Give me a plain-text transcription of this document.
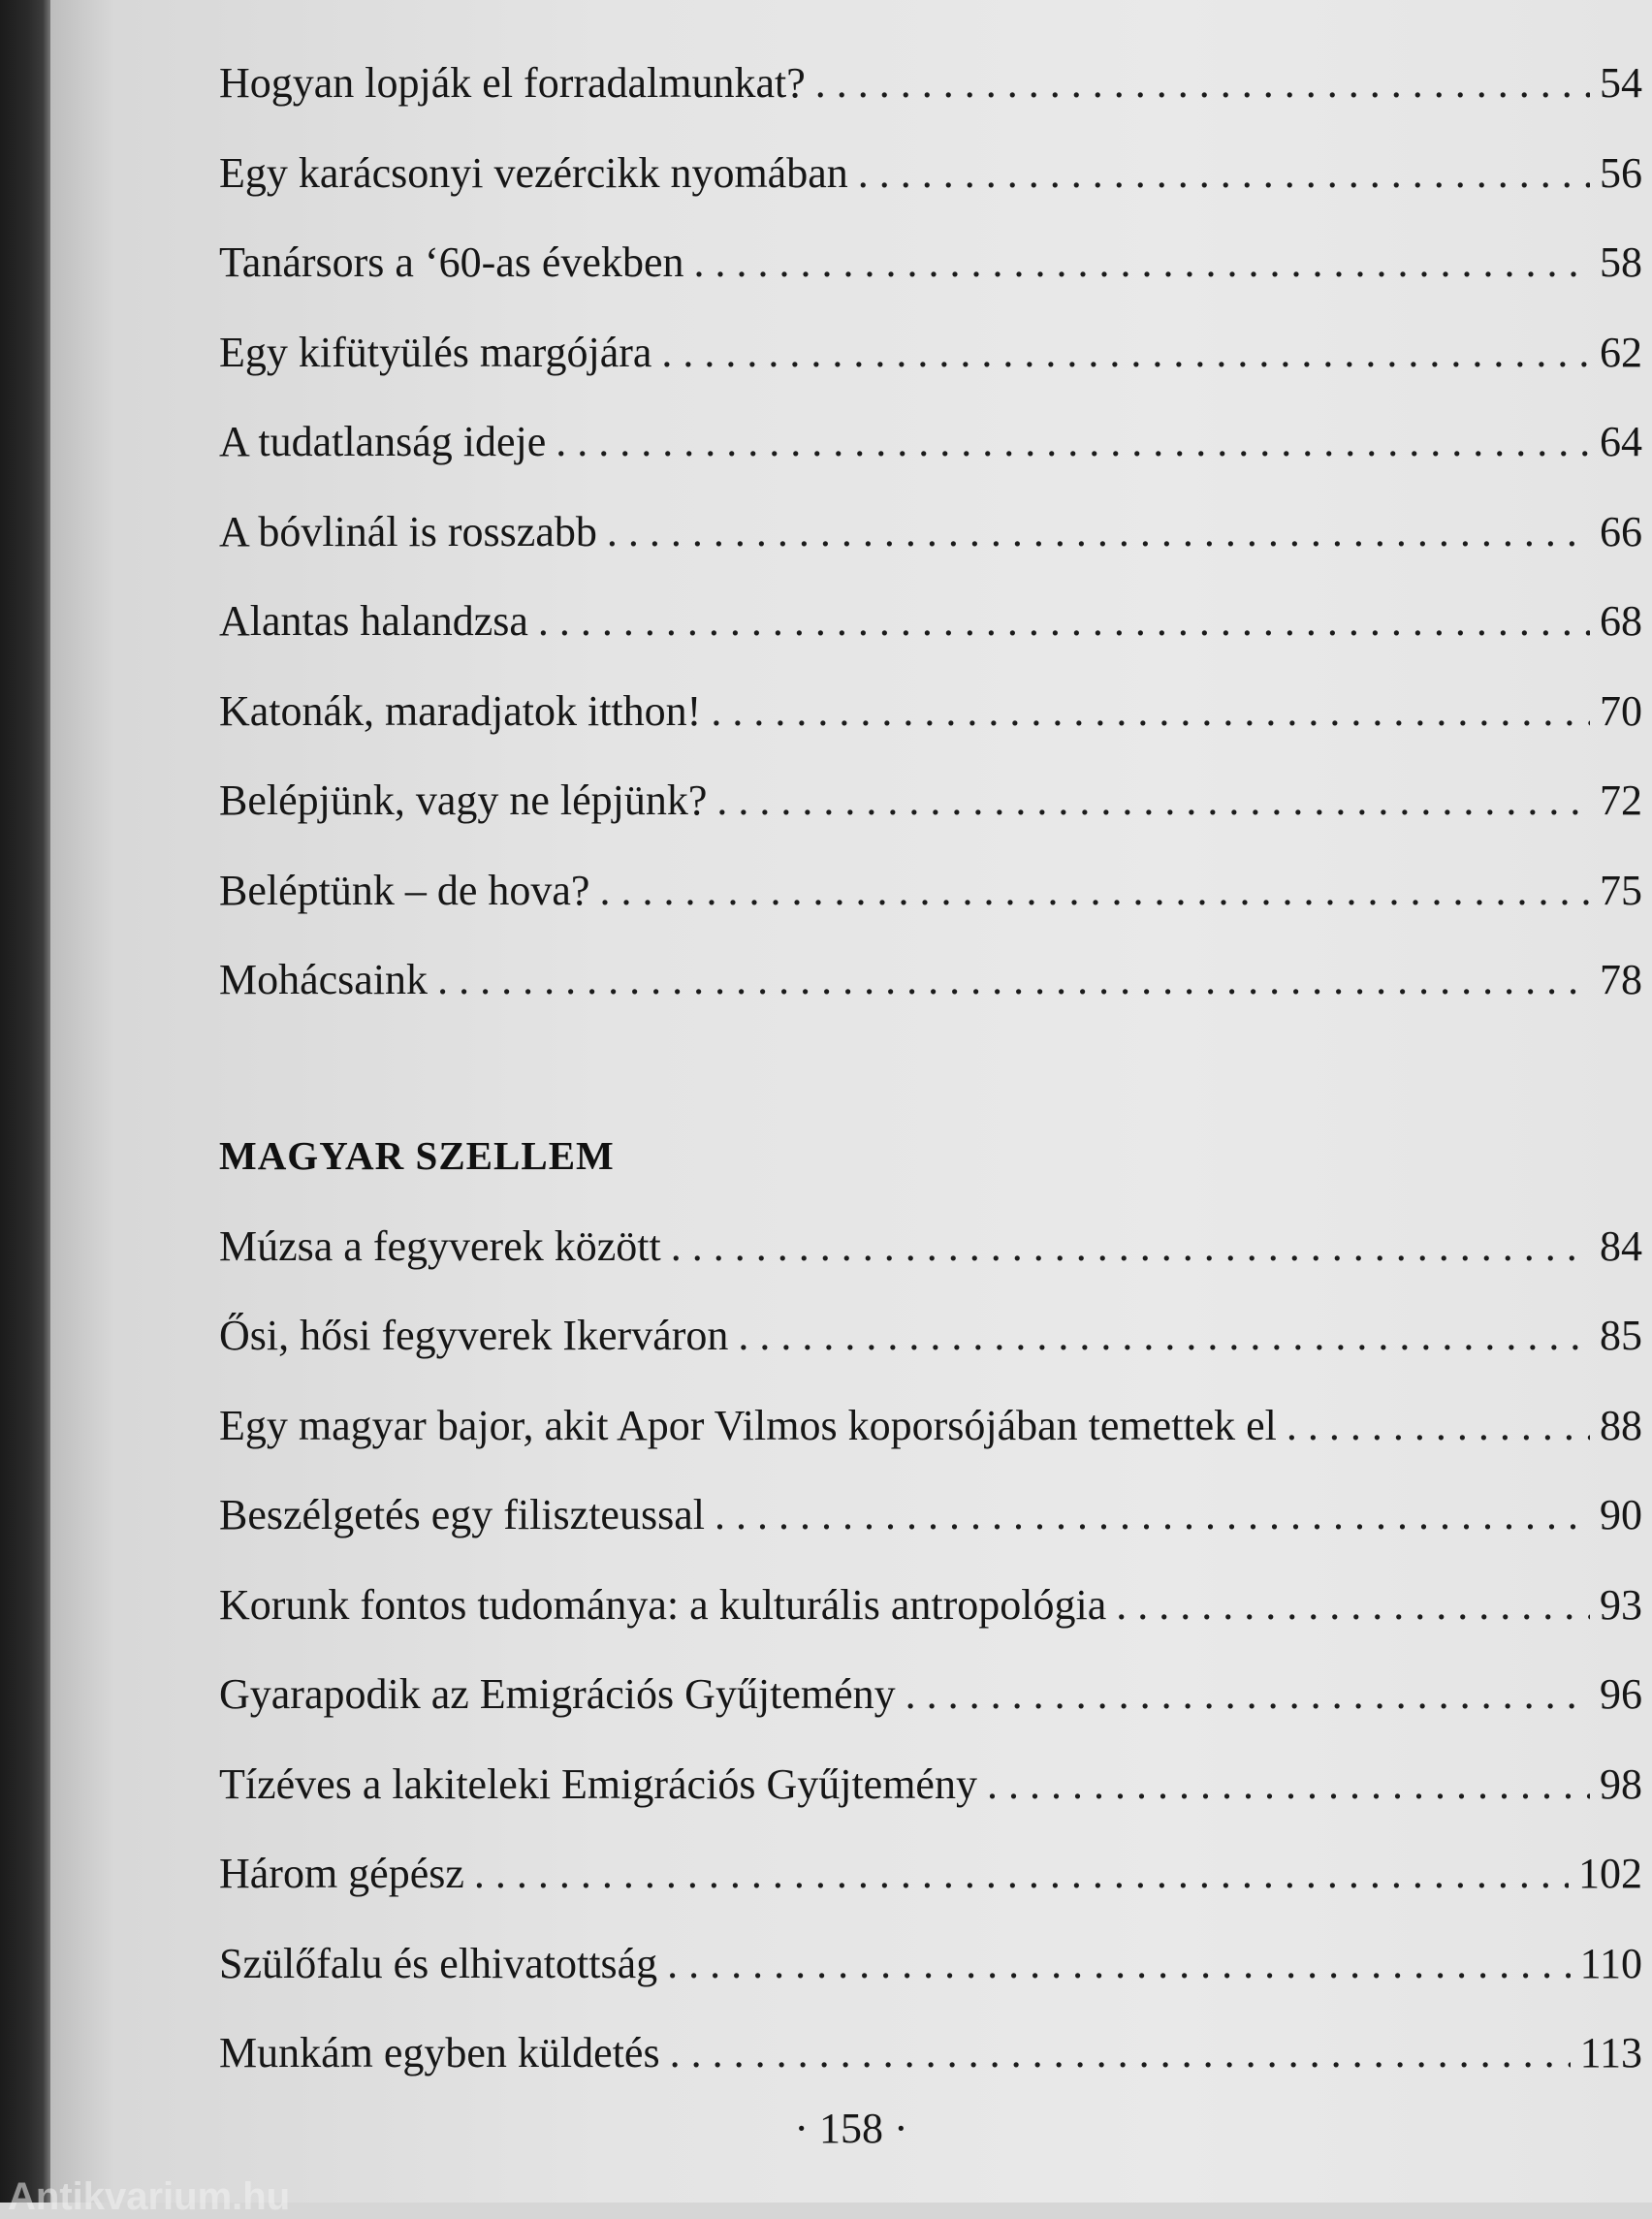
Hogyan lopják el forradalmunkat? . . .	54
Egy karácsonyi vezércikk nyomában . . .	56
Tanársors a ‘60-as években . . .	58
Egy kifütyülés margójára . . .	62
A tudatlanság ideje . . .	64
A bóvlinál is rosszabb . . .	66
Alantas halandzsa . . .	68
Katonák, maradjatok itthon! . . .	70
Belépjünk, vagy ne lépjünk? . . .	72
Beléptünk – de hova? . . .	75
Mohácsaink . . .	78
MAGYAR SZELLEM
Múzsa a fegyverek között . . .	84
Ősi, hősi fegyverek Ikerváron . . .	85
Egy magyar bajor, akit Apor Vilmos koporsójában temettek el . . .	88
Beszélgetés egy filiszteussal . . .	90
Korunk fontos tudománya: a kulturális antropológia . . .	93
Gyarapodik az Emigrációs Gyűjtemény . . .	96
Tízéves a lakiteleki Emigrációs Gyűjtemény . . .	98
Három gépész . . .	102
Szülőfalu és elhivatottság . . .	110
Munkám egyben küldetés . . .	113
· 158 ·
Antikvarium.hu
